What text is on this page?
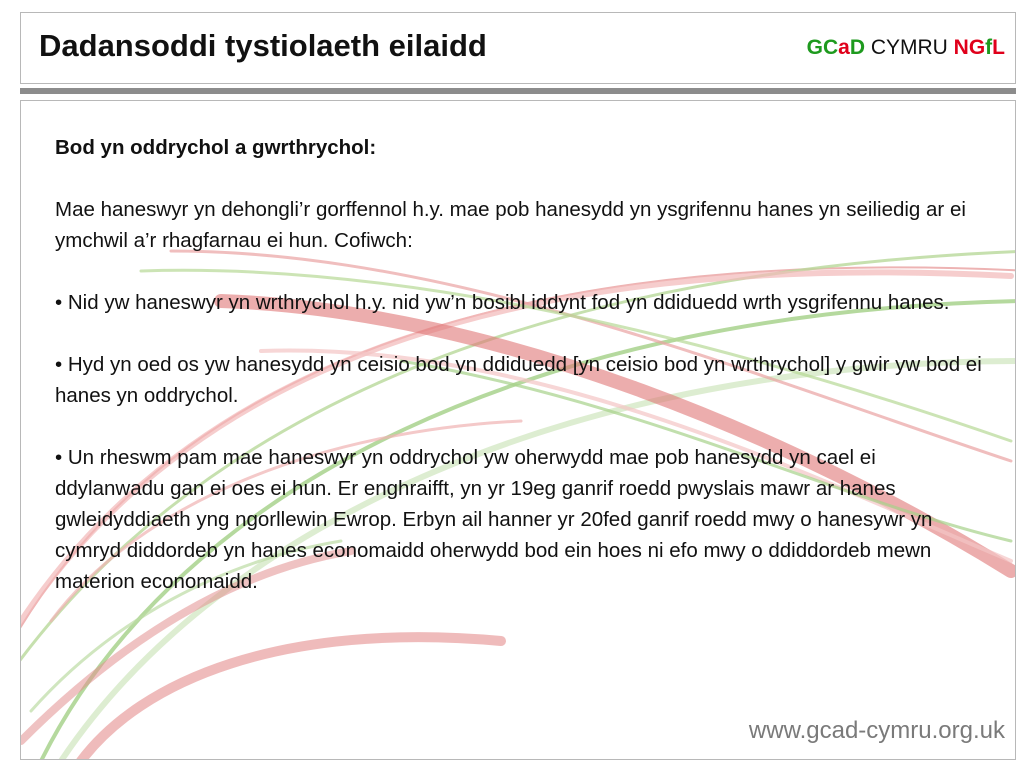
Dadansoddi tystiolaeth eilaidd	GCaD CYMRU NGfL

Bod yn oddrychol a gwrthrychol:

Mae haneswyr yn dehongli’r gorffennol h.y. mae pob hanesydd yn ysgrifennu hanes yn seiliedig ar ei ymchwil a’r rhagfarnau ei hun. Cofiwch:

• Nid yw haneswyr yn wrthrychol h.y. nid yw’n bosibl iddynt fod yn ddiduedd wrth ysgrifennu hanes.

• Hyd yn oed os yw hanesydd yn ceisio bod yn ddiduedd [yn ceisio bod yn wrthrychol] y gwir yw bod ei hanes yn oddrychol.

• Un rheswm pam mae haneswyr yn oddrychol yw oherwydd mae pob hanesydd yn cael ei ddylanwadu gan ei oes ei hun. Er enghraifft, yn yr 19eg ganrif roedd pwyslais mawr ar hanes gwleidyddiaeth yng ngorllewin Ewrop. Erbyn ail hanner yr 20fed ganrif roedd mwy o hanesywr yn cymryd diddordeb yn hanes economaidd oherwydd bod ein hoes ni efo mwy o ddiddordeb mewn materion economaidd.

www.gcad-cymru.org.uk
